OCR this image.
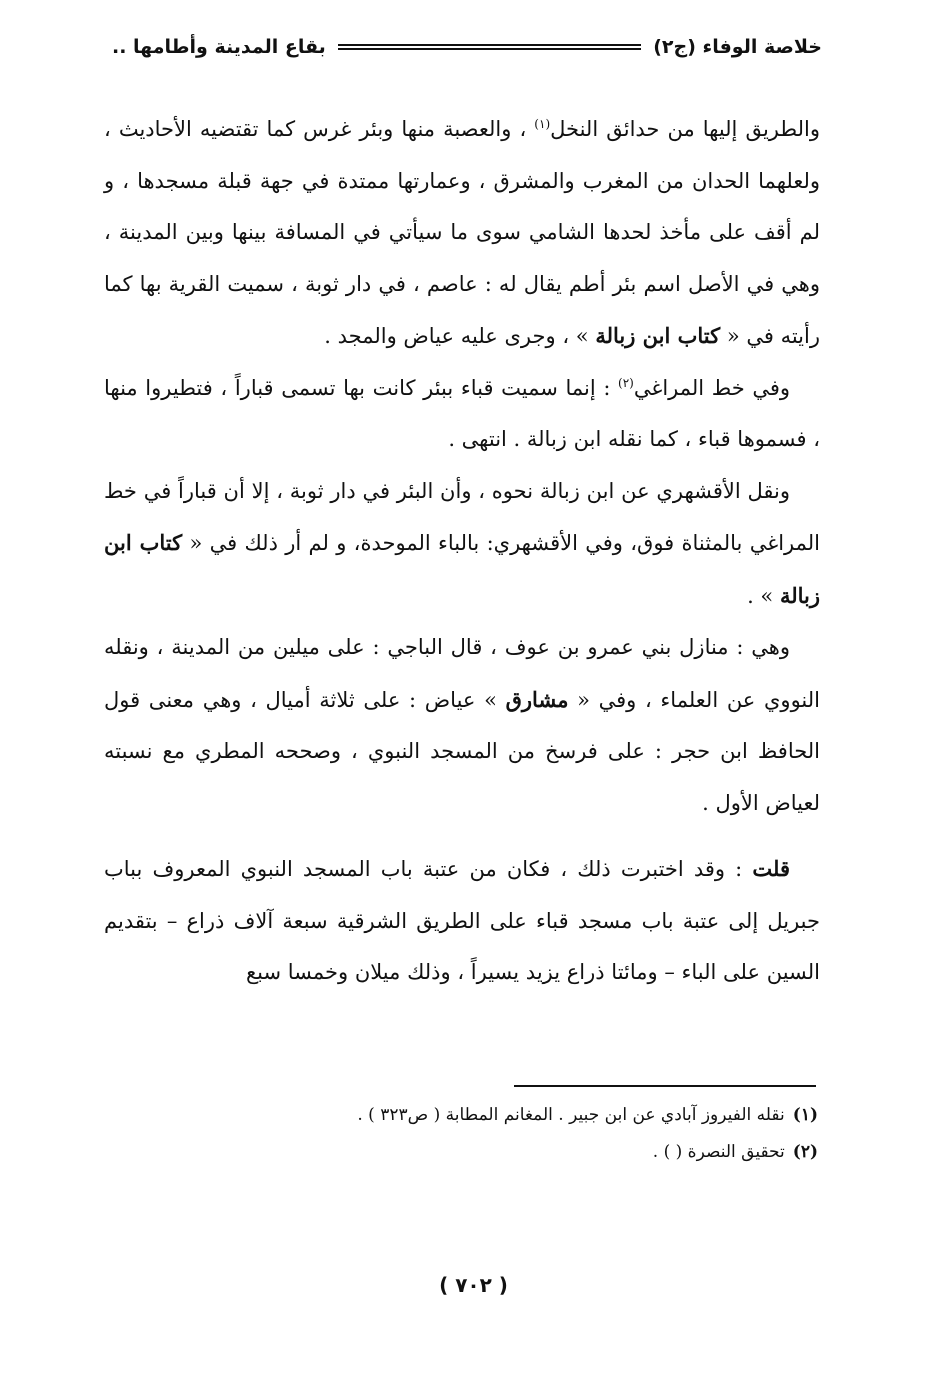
خلاصة الوفاء (ج٢)
بقاع المدينة وأطامها ..

والطريق إليها من حدائق النخل$^{(١)}$ ، والعصبة منها وبئر غرس كما تقتضيه الأحاديث ، ولعلهما الحدان من المغرب والمشرق ، وعمارتها ممتدة في جهة قبلة مسجدها ، و لم أقف على مأخذ لحدها الشامي سوى ما سيأتي في المسافة بينها وبين المدينة ، وهي في الأصل اسم بئر أطم يقال له : عاصم ، في دار ثوبة ، سميت القرية بها كما رأيته في « كتاب ابن زبالة » ، وجرى عليه عياض والمجد .

وفي خط المراغي$^{(٢)}$ : إنما سميت قباء ببئر كانت بها تسمى قباراً ، فتطيروا منها ، فسموها قباء ، كما نقله ابن زبالة . انتهى .

ونقل الأقشهري عن ابن زبالة نحوه ، وأن البئر في دار ثوبة ، إلا أن قباراً في خط المراغي بالمثناة فوق، وفي الأقشهري: بالباء الموحدة، و لم أر ذلك في « كتاب ابن زبالة » .

وهي : منازل بني عمرو بن عوف ، قال الباجي : على ميلين من المدينة ، ونقله النووي عن العلماء ، وفي « مشارق » عياض : على ثلاثة أميال ، وهي معنى قول الحافظ ابن حجر : على فرسخ من المسجد النبوي ، وصححه المطري مع نسبته لعياض الأول .

قلت : وقد اختبرت ذلك ، فكان من عتبة باب المسجد النبوي المعروف بباب جبريل إلى عتبة باب مسجد قباء على الطريق الشرقية سبعة آلاف ذراع – بتقديم السين على الباء – ومائتا ذراع يزيد يسيراً ، وذلك ميلان وخمسا سبع

(١)نقله الفيروز آبادي عن ابن جبير . المغانم المطابة ( ص٣٢٣ ) .

(٢)تحقيق النصرة ( ) .

( ٧٠٢ )
